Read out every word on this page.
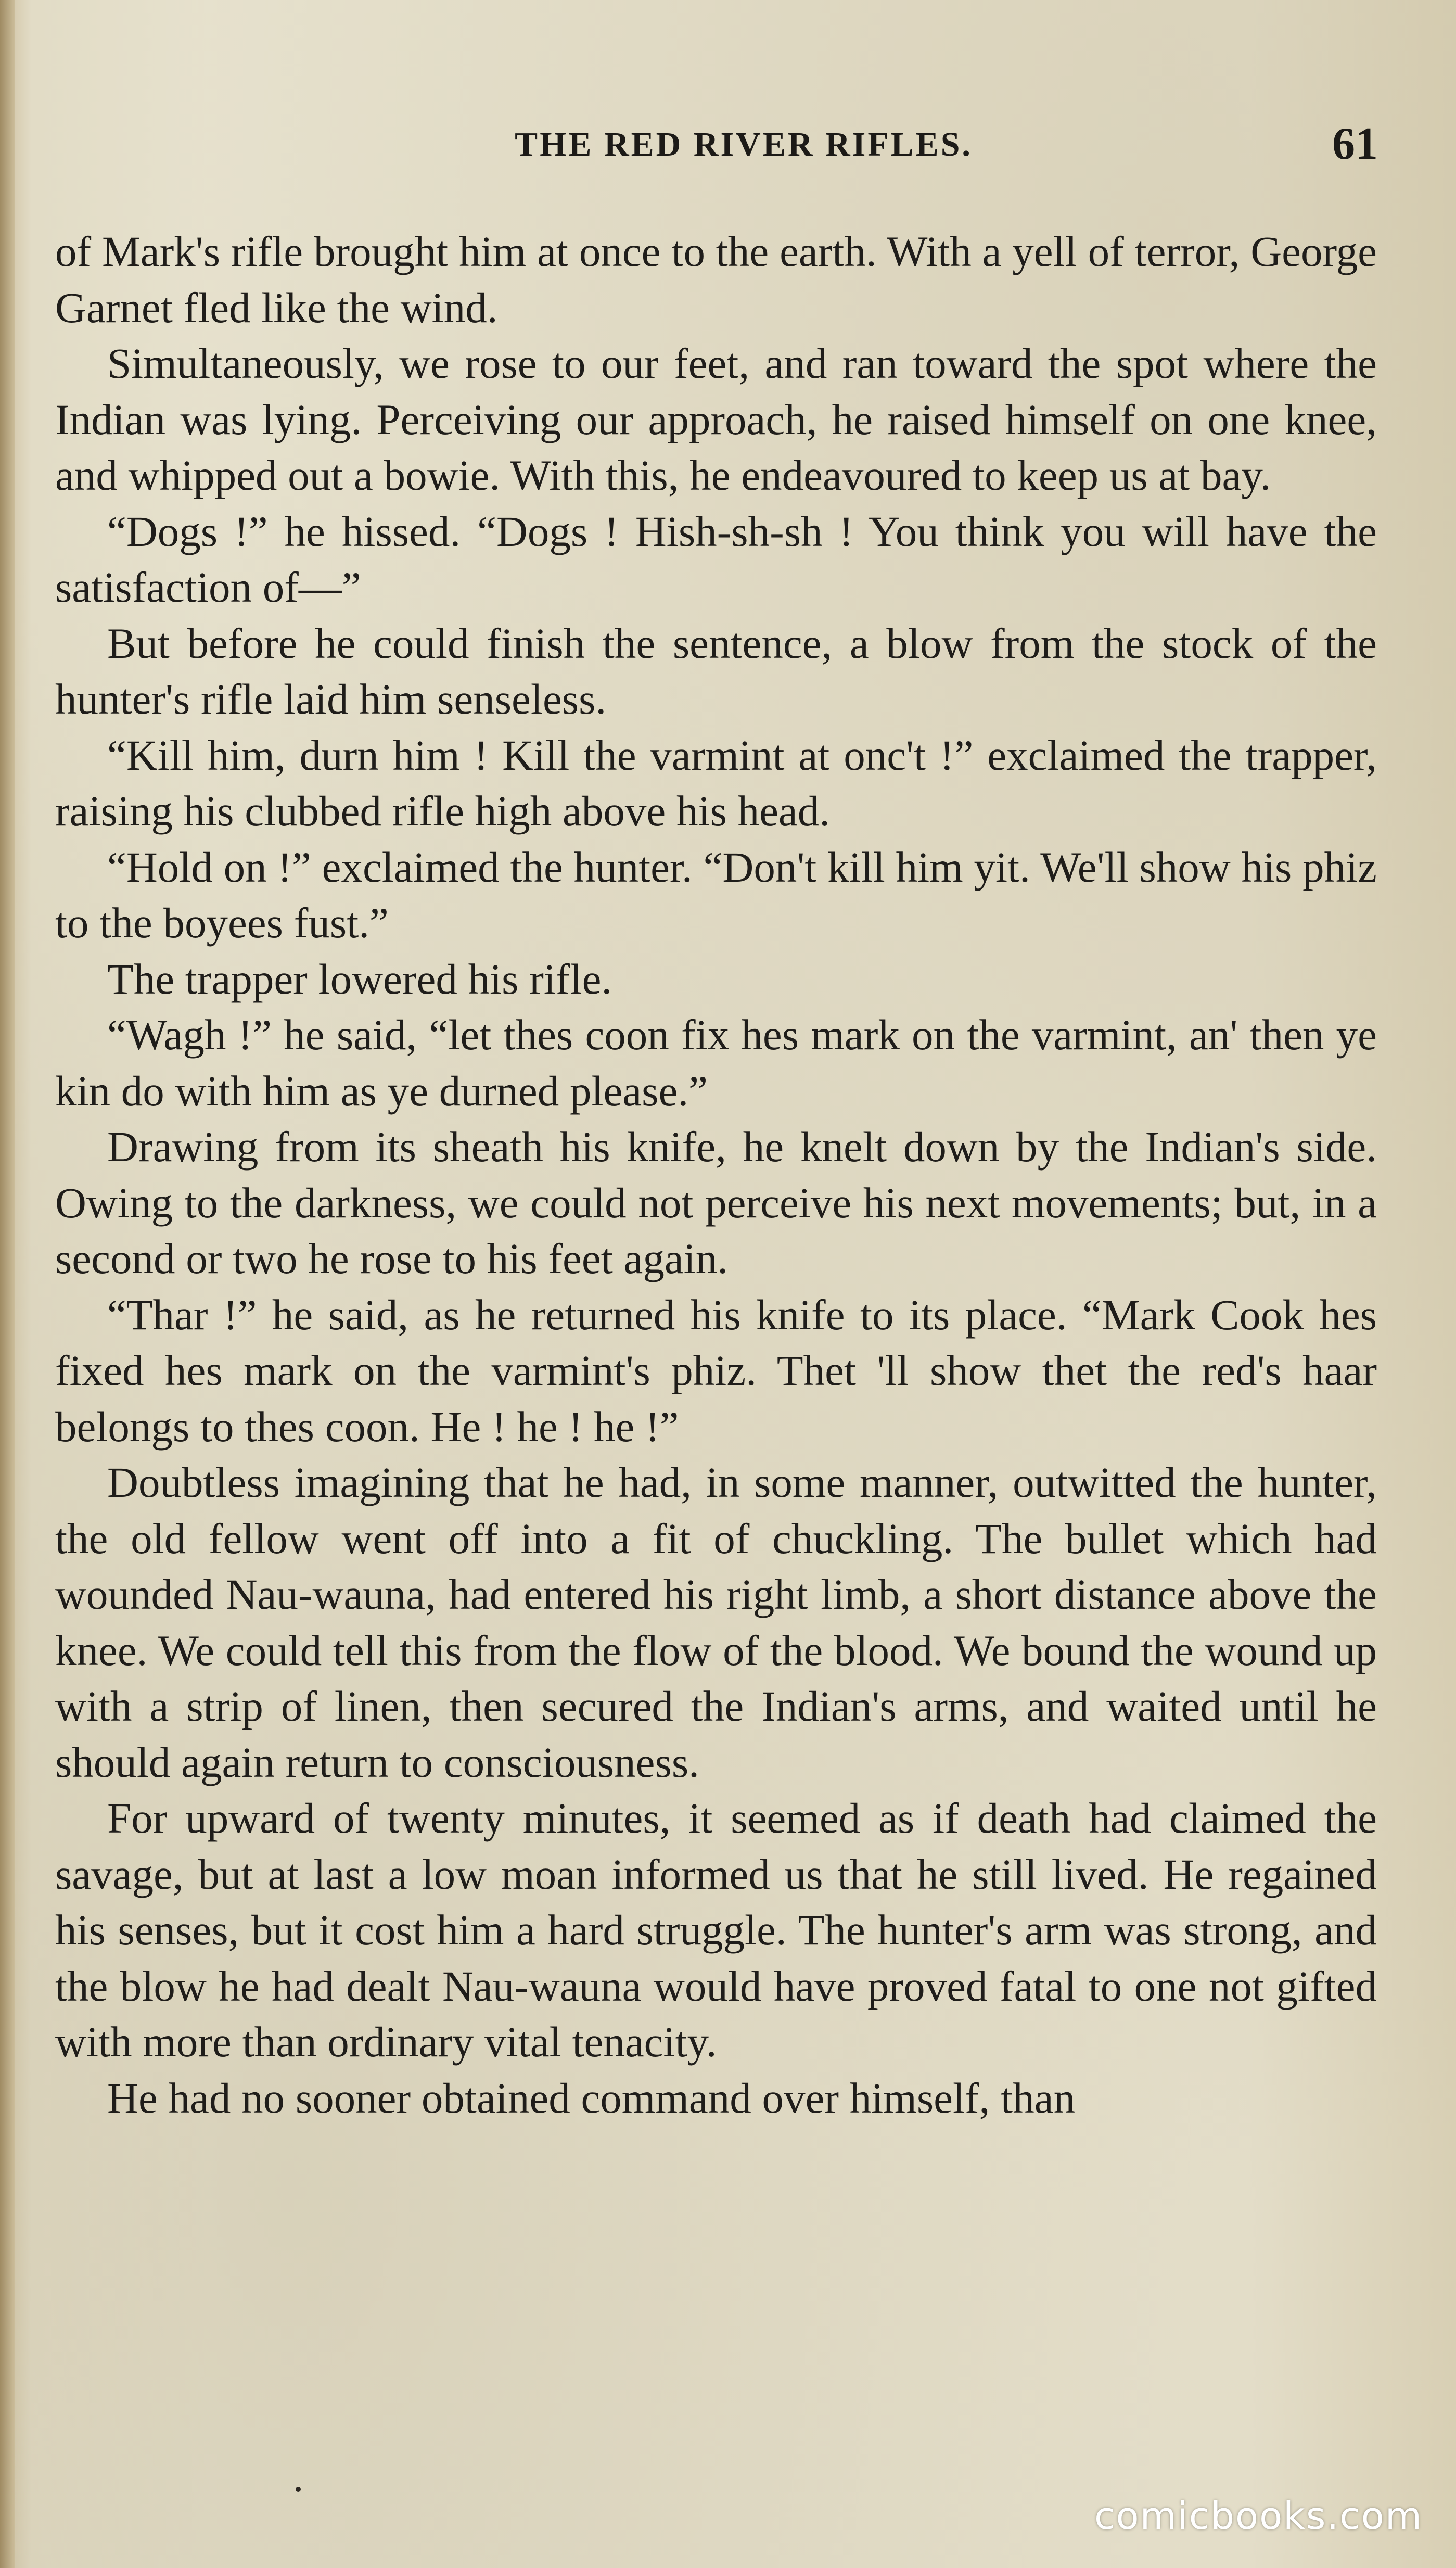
THE RED RIVER RIFLES.	61

of Mark's rifle brought him at once to the earth. With a yell of terror, George Garnet fled like the wind.

Simultaneously, we rose to our feet, and ran toward the spot where the Indian was lying. Perceiving our approach, he raised himself on one knee, and whipped out a bowie. With this, he endeavoured to keep us at bay.

“Dogs !” he hissed. “Dogs ! Hish-sh-sh ! You think you will have the satisfaction of—”

But before he could finish the sentence, a blow from the stock of the hunter's rifle laid him senseless.

“Kill him, durn him ! Kill the varmint at onc't !” exclaimed the trapper, raising his clubbed rifle high above his head.

“Hold on !” exclaimed the hunter. “Don't kill him yit. We'll show his phiz to the boyees fust.”

The trapper lowered his rifle.

“Wagh !” he said, “let thes coon fix hes mark on the varmint, an' then ye kin do with him as ye durned please.”

Drawing from its sheath his knife, he knelt down by the Indian's side. Owing to the darkness, we could not perceive his next movements; but, in a second or two he rose to his feet again.

“Thar !” he said, as he returned his knife to its place. “Mark Cook hes fixed hes mark on the varmint's phiz. Thet 'll show thet the red's haar belongs to thes coon. He ! he ! he !”

Doubtless imagining that he had, in some manner, outwitted the hunter, the old fellow went off into a fit of chuckling. The bullet which had wounded Nau-wauna, had entered his right limb, a short distance above the knee. We could tell this from the flow of the blood. We bound the wound up with a strip of linen, then secured the Indian's arms, and waited until he should again return to consciousness.

For upward of twenty minutes, it seemed as if death had claimed the savage, but at last a low moan informed us that he still lived. He regained his senses, but it cost him a hard struggle. The hunter's arm was strong, and the blow he had dealt Nau-wauna would have proved fatal to one not gifted with more than ordinary vital tenacity.

He had no sooner obtained command over himself, than

comicbooks.com
